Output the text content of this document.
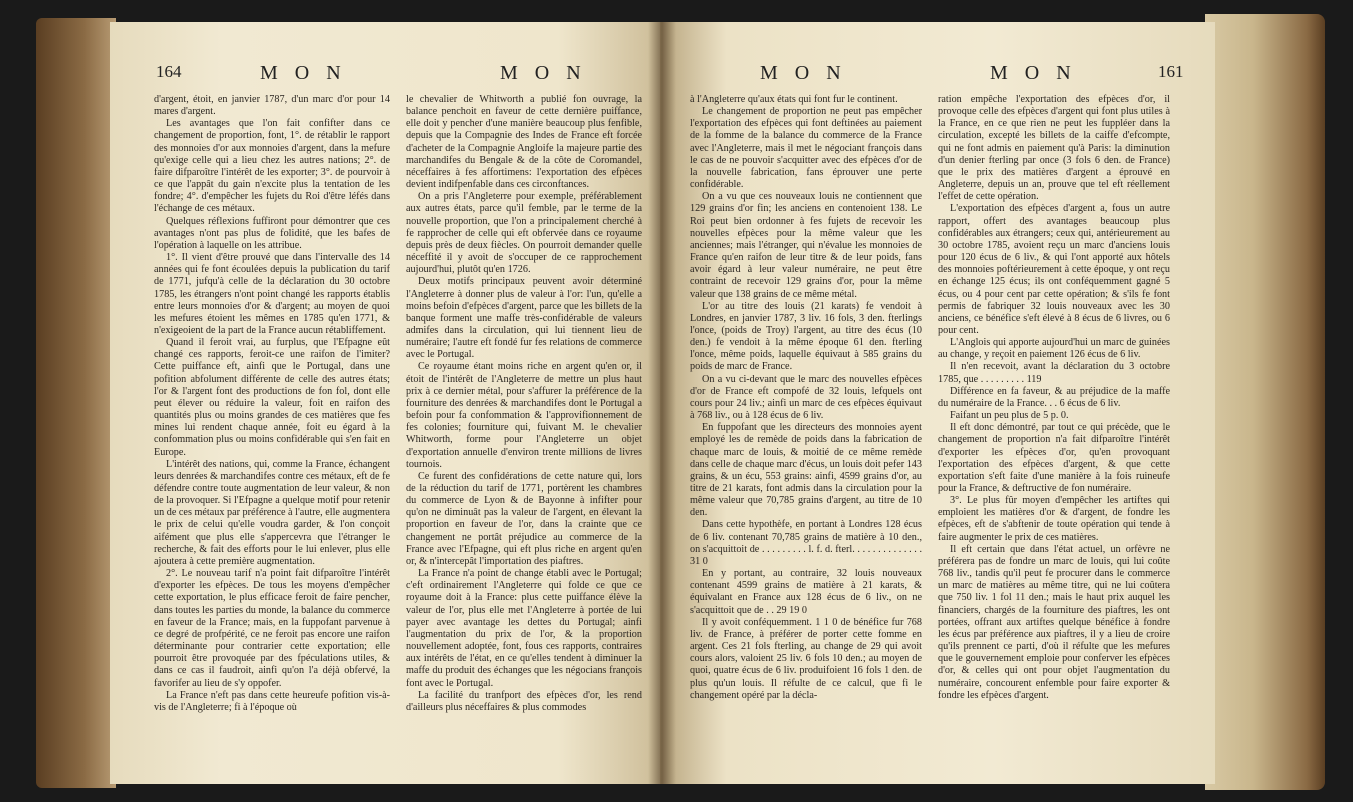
164	M O N	M O N

d'argent, étoit, en janvier 1787, d'un marc d'or pour 14 mares d'argent.

Les avantages que l'on fait confifter dans ce changement de proportion, font, 1°. de rétablir le rapport des monnoies d'or aux monnoies d'argent, dans la mefure qu'exige celle qui a lieu chez les autres nations; 2°. de faire difparoître l'intérêt de les exporter; 3°. de pourvoir à ce que l'appât du gain n'excite plus la tentation de les fondre; 4°. d'empêcher les fujets du Roi d'être léfés dans l'échange de ces métaux.

Quelques réflexions fuffiront pour démontrer que ces avantages n'ont pas plus de folidité, que les bafes de l'opération à laquelle on les attribue.

1°. Il vient d'être prouvé que dans l'intervalle des 14 années qui fe font écoulées depuis la publication du tarif de 1771, jufqu'à celle de la déclaration du 30 octobre 1785, les étrangers n'ont point changé les rapports établis entre leurs monnoies d'or & d'argent; au moyen de quoi les mefures étoient les mêmes en 1785 qu'en 1771, & n'exigeoient de la part de la France aucun rétabliffement.

Quand il feroit vrai, au furplus, que l'Efpagne eût changé ces rapports, feroit-ce une raifon de l'imiter? Cette puiffance eft, ainfi que le Portugal, dans une pofition abfolument différente de celle des autres états; l'or & l'argent font des productions de fon fol, dont elle peut élever ou réduire la valeur, foit en raifon des quantités plus ou moins grandes de ces matières que fes mines lui rendent chaque année, foit eu égard à la confommation plus ou moins confidérable qui s'en fait en Europe.

L'intérêt des nations, qui, comme la France, échangent leurs denrées & marchandifes contre ces métaux, eft de fe défendre contre toute augmentation de leur valeur, & non de la provoquer. Si l'Efpagne a quelque motif pour retenir un de ces métaux par préférence à l'autre, elle augmentera le prix de celui qu'elle voudra garder, & l'on conçoit aifément que plus elle s'appercevra que l'étranger le recherche, & fait des efforts pour le lui enlever, plus elle ajoutera à cette première augmentation.

2°. Le nouveau tarif n'a point fait difparoître l'intérêt d'exporter les efpèces. De tous les moyens d'empêcher cette exportation, le plus efficace feroit de faire pencher, dans toutes les parties du monde, la balance du commerce en faveur de la France; mais, en la fuppofant parvenue à ce degré de profpérité, ce ne feroit pas encore une raifon déterminante pour contrarier cette exportation; elle pourroit être provoquée par des fpéculations utiles, & dans ce cas il faudroit, ainfi qu'on l'a déjà obfervé, la favorifer au lieu de s'y oppofer.

La France n'eft pas dans cette heureufe pofition vis-à-vis de l'Angleterre; fi à l'époque où

le chevalier de Whitworth a publié fon ouvrage, la balance penchoit en faveur de cette dernière puiffance, elle doit y pencher d'une manière beaucoup plus fenfible, depuis que la Compagnie des Indes de France eft forcée d'acheter de la Compagnie Angloife la majeure partie des marchandifes du Bengale & de la côte de Coromandel, néceffaires à fes affortimens: l'exportation des efpèces devient indifpenfable dans ces circonftances.

On a pris l'Angleterre pour exemple, préférablement aux autres états, parce qu'il femble, par le terme de la nouvelle proportion, que l'on a principalement cherché à fe rapprocher de celle qui eft obfervée dans ce royaume depuis près de deux fiècles. On pourroit demander quelle néceffité il y avoit de s'occuper de ce rapprochement aujourd'hui, plutôt qu'en 1726.

Deux motifs principaux peuvent avoir déterminé l'Angleterre à donner plus de valeur à l'or: l'un, qu'elle a moins befoin d'efpèces d'argent, parce que les billets de la banque forment une maffe très-confidérable de valeurs admifes dans la circulation, qui lui tiennent lieu de numéraire; l'autre eft fondé fur fes relations de commerce avec le Portugal.

Ce royaume étant moins riche en argent qu'en or, il étoit de l'intérêt de l'Angleterre de mettre un plus haut prix à ce dernier métal, pour s'affurer la préférence de la fourniture des denrées & marchandifes dont le Portugal a befoin pour fa confommation & l'approvifionnement de fes colonies; fourniture qui, fuivant M. le chevalier Whitworth, forme pour l'Angleterre un objet d'exportation annuelle d'environ trente millions de livres tournois.

Ce furent des confidérations de cette nature qui, lors de la réduction du tarif de 1771, portèrent les chambres du commerce de Lyon & de Bayonne à infifter pour qu'on ne diminuât pas la valeur de l'argent, en élevant la proportion en faveur de l'or, dans la crainte que ce changement ne portât préjudice au commerce de la France avec l'Efpagne, qui eft plus riche en argent qu'en or, & n'intercepât l'importation des piaftres.

La France n'a point de change établi avec le Portugal; c'eft ordinairement l'Angleterre qui folde ce que ce royaume doit à la France: plus cette puiffance élève la valeur de l'or, plus elle met l'Angleterre à portée de lui payer avec avantage les dettes du Portugal; ainfi l'augmentation du prix de l'or, & la proportion nouvellement adoptée, font, fous ces rapports, contraires aux intérêts de l'état, en ce qu'elles tendent à diminuer la maffe du produit des échanges que les négocians françois font avec le Portugal.

La facilité du tranfport des efpèces d'or, les rend d'ailleurs plus néceffaires & plus commodes

M O N	M O N	161

à l'Angleterre qu'aux états qui font fur le continent.

Le changement de proportion ne peut pas empêcher l'exportation des efpèces qui font deftinées au paiement de la fomme de la balance du commerce de la France avec l'Angleterre, mais il met le négociant françois dans le cas de ne pouvoir s'acquitter avec des efpèces d'or de la nouvelle fabrication, fans éprouver une perte confidérable.

On a vu que ces nouveaux louis ne contiennent que 129 grains d'or fin; les anciens en contenoient 138. Le Roi peut bien ordonner à fes fujets de recevoir les nouvelles efpèces pour la même valeur que les anciennes; mais l'étranger, qui n'évalue les monnoies de France qu'en raifon de leur titre & de leur poids, fans avoir égard à leur valeur numéraire, ne peut être contraint de recevoir 129 grains d'or, pour la même valeur que 138 grains de ce même métal.

L'or au titre des louis (21 karats) fe vendoit à Londres, en janvier 1787, 3 liv. 16 fols, 3 den. fterlings l'once, (poids de Troy) l'argent, au titre des écus (10 den.) fe vendoit à la même époque 61 den. fterling l'once, même poids, laquelle équivaut à 585 grains du poids de marc de France.

On a vu ci-devant que le marc des nouvelles efpèces d'or de France eft compofé de 32 louis, lefquels ont cours pour 24 liv.; ainfi un marc de ces efpèces équivaut à 768 liv., ou à 128 écus de 6 liv.

En fuppofant que les directeurs des monnoies ayent employé les de remède de poids dans la fabrication de chaque marc de louis, & moitié de ce même remède dans celle de chaque marc d'écus, un louis doit pefer 143 grains, & un écu, 553 grains: ainfi, 4599 grains d'or, au titre de 21 karats, font admis dans la circulation pour la même valeur que 70,785 grains d'argent, au titre de 10 den.

Dans cette hypothèfe, en portant à Londres 128 écus de 6 liv. contenant 70,785 grains de matière à 10 den., on s'acquittoit de . . . . . . . . . l. f. d. fterl. . . . . . . . . . . . . . 31 0

En y portant, au contraire, 32 louis nouveaux contenant 4599 grains de matière à 21 karats, & équivalant en France aux 128 écus de 6 liv., on ne s'acquittoit que de . . 29 19 0

Il y avoit conféquemment. 1 1 0 de bénéfice fur 768 liv. de France, à préférer de porter cette fomme en argent. Ces 21 fols fterling, au change de 29 qui avoit cours alors, valoient 25 liv. 6 fols 10 den.; au moyen de quoi, quatre écus de 6 liv. produifoient 16 fols 1 den. de plus qu'un louis. Il réfulte de ce calcul, que fi le changement opéré par la décla-

ration empêche l'exportation des efpèces d'or, il provoque celle des efpèces d'argent qui font plus utiles à la France, en ce que rien ne peut les fuppléer dans la circulation, excepté les billets de la caiffe d'efcompte, qui ne font admis en paiement qu'à Paris: la diminution d'un denier fterling par once (3 fols 6 den. de France) que le prix des matières d'argent a éprouvé en Angleterre, depuis un an, prouve que tel eft réellement l'effet de cette opération.

L'exportation des efpèces d'argent a, fous un autre rapport, offert des avantages beaucoup plus confidérables aux étrangers; ceux qui, antérieurement au 30 octobre 1785, avoient reçu un marc d'anciens louis pour 120 écus de 6 liv., & qui l'ont apporté aux hôtels des monnoies poftérieurement à cette époque, y ont reçu en échange 125 écus; ils ont conféquemment gagné 5 écus, ou 4 pour cent par cette opération; & s'ils fe font permis de fabriquer 32 louis nouveaux avec les 30 anciens, ce bénéfice s'eft élevé à 8 écus de 6 livres, ou 6 pour cent.

L'Anglois qui apporte aujourd'hui un marc de guinées au change, y reçoit en paiement 126 écus de 6 liv.

Il n'en recevoit, avant la déclaration du 3 octobre 1785, que . . . . . . . . . 119

Différence en fa faveur, & au préjudice de la maffe du numéraire de la France. . . 6 écus de 6 liv.

Faifant un peu plus de 5 p. 0.

Il eft donc démontré, par tout ce qui précède, que le changement de proportion n'a fait difparoître l'intérêt d'exporter les efpèces d'or, qu'en provoquant l'exportation des efpèces d'argent, & que cette exportation s'eft faite d'une manière à la fois ruineufe pour la France, & deftructive de fon numéraire.

3°. Le plus fûr moyen d'empêcher les artiftes qui emploient les matières d'or & d'argent, de fondre les efpèces, eft de s'abftenir de toute opération qui tende à faire augmenter le prix de ces matières.

Il eft certain que dans l'état actuel, un orfèvre ne préférera pas de fondre un marc de louis, qui lui coûte 768 liv., tandis qu'il peut fe procurer dans le commerce un marc de matières au même titre, qui ne lui coûtera que 750 liv. 1 fol 11 den.; mais le haut prix auquel les financiers, chargés de la fourniture des piaftres, les ont portées, offrant aux artiftes quelque bénéfice à fondre les écus par préférence aux piaftres, il y a lieu de croire qu'ils prennent ce parti, d'où il réfulte que les mefures que le gouvernement emploie pour conferver les efpèces d'or, & celles qui ont pour objet l'augmentation du numéraire, concourent enfemble pour faire exporter & fondre les efpèces d'argent.
